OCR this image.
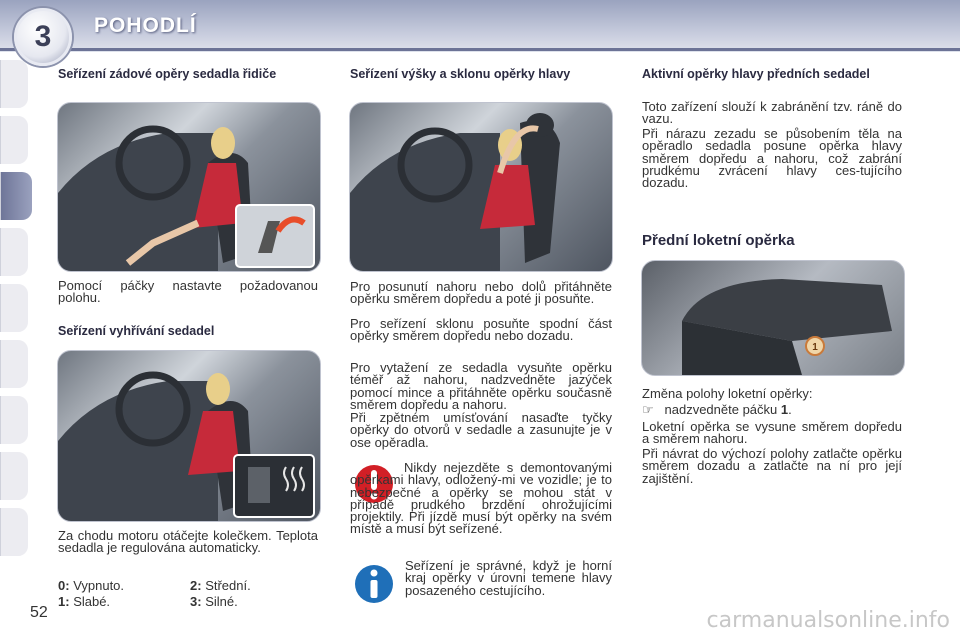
3	POHODLÍ
Seřízení zádové opěry sedadla řidiče
Pomocí páčky nastavte požadovanou polohu.
Seřízení vyhřívání sedadel
Za chodu motoru otáčejte kolečkem. Teplota sedadla je regulována automaticky.
0: Vypnuto.	2: Střední.
1: Slabé.	3: Silné.
Seřízení výšky a sklonu opěrky hlavy
Pro posunutí nahoru nebo dolů přitáhněte opěrku směrem dopředu a poté ji posuňte.
Pro seřízení sklonu posuňte spodní část opěrky směrem dopředu nebo dozadu.
Pro vytažení ze sedadla vysuňte opěrku téměř až nahoru, nadzvedněte jazýček pomocí mince a přitáhněte opěrku současně směrem dopředu a nahoru.
Při zpětném umísťování nasaďte tyčky opěrky do otvorů v sedadle a zasunujte je v ose opěradla.
Nikdy nejezděte s demontovanými opěrkami hlavy, odložený-mi ve vozidle; je to nebezpečné a opěrky se mohou stát v případě prudkého brzdění ohrožujícími projektily. Při jízdě musí být opěrky na svém místě a musí být seřízené.
Seřízení je správné, když je horní kraj opěrky v úrovni temene hlavy posazeného cestujícího.
Aktivní opěrky hlavy předních sedadel
Toto zařízení slouží k zabránění tzv. ráně do vazu.
Při nárazu zezadu se působením těla na opěradlo sedadla posune opěrka hlavy směrem dopředu a nahoru, což zabrání prudkému zvrácení hlavy ces-tujícího dozadu.
Přední loketní opěrka
1
Změna polohy loketní opěrky:
☞ nadzvedněte páčku 1.
Loketní opěrka se vysune směrem dopředu a směrem nahoru.
Při návrat do výchozí polohy zatlačte opěrku směrem dozadu a zatlačte na ní pro její zajištění.
52	carmanualsonline.info
